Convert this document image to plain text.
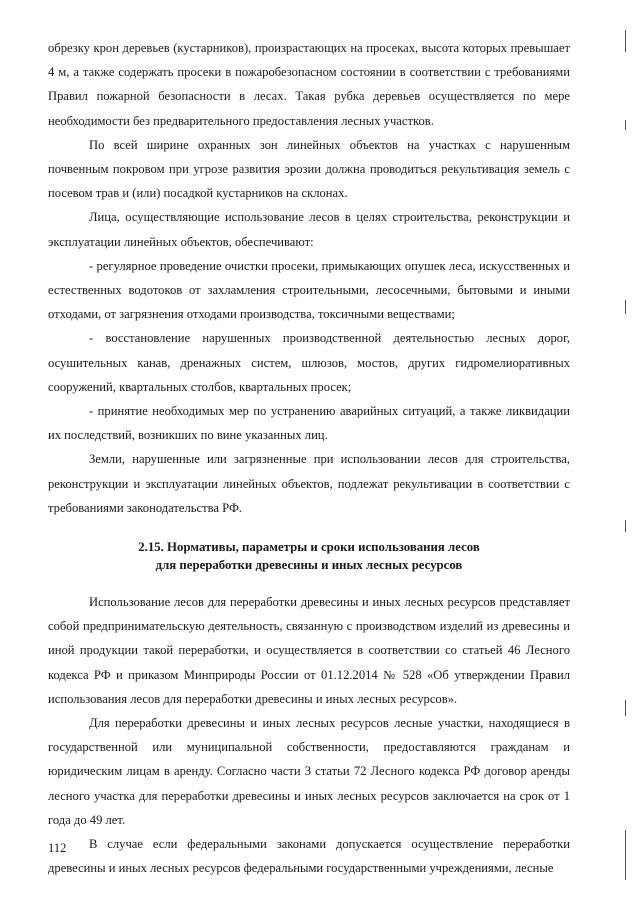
обрезку крон деревьев (кустарников), произрастающих на просеках, высота которых превышает 4 м, а также содержать просеки в пожаробезопасном состоянии в соответствии с требованиями Правил пожарной безопасности в лесах. Такая рубка деревьев осуществляется по мере необходимости без предварительного предоставления лесных участков.

По всей ширине охранных зон линейных объектов на участках с нарушенным почвенным покровом при угрозе развития эрозии должна проводиться рекультивация земель с посевом трав и (или) посадкой кустарников на склонах.

Лица, осуществляющие использование лесов в целях строительства, реконструкции и эксплуатации линейных объектов, обеспечивают:

- регулярное проведение очистки просеки, примыкающих опушек леса, искусственных и естественных водотоков от захламления строительными, лесосечными, бытовыми и иными отходами, от загрязнения отходами производства, токсичными веществами;

- восстановление нарушенных производственной деятельностью лесных дорог, осушительных канав, дренажных систем, шлюзов, мостов, других гидромелиоративных сооружений, квартальных столбов, квартальных просек;

- принятие необходимых мер по устранению аварийных ситуаций, а также ликвидации их последствий, возникших по вине указанных лиц.

Земли, нарушенные или загрязненные при использовании лесов для строительства, реконструкции и эксплуатации линейных объектов, подлежат рекультивации в соответствии с требованиями законодательства РФ.

2.15. Нормативы, параметры и сроки использования лесов
для переработки древесины и иных лесных ресурсов

Использование лесов для переработки древесины и иных лесных ресурсов представляет собой предпринимательскую деятельность, связанную с производством изделий из древесины и иной продукции такой переработки, и осуществляется в соответствии со статьей 46 Лесного кодекса РФ и приказом Минприроды России от 01.12.2014 № 528 «Об утверждении Правил использования лесов для переработки древесины и иных лесных ресурсов».

Для переработки древесины и иных лесных ресурсов лесные участки, находящиеся в государственной или муниципальной собственности, предоставляются гражданам и юридическим лицам в аренду. Согласно части 3 статьи 72 Лесного кодекса РФ договор аренды лесного участка для переработки древесины и иных лесных ресурсов заключается на срок от 1 года до 49 лет.

В случае если федеральными законами допускается осуществление переработки древесины и иных лесных ресурсов федеральными государственными учреждениями, лесные

112
